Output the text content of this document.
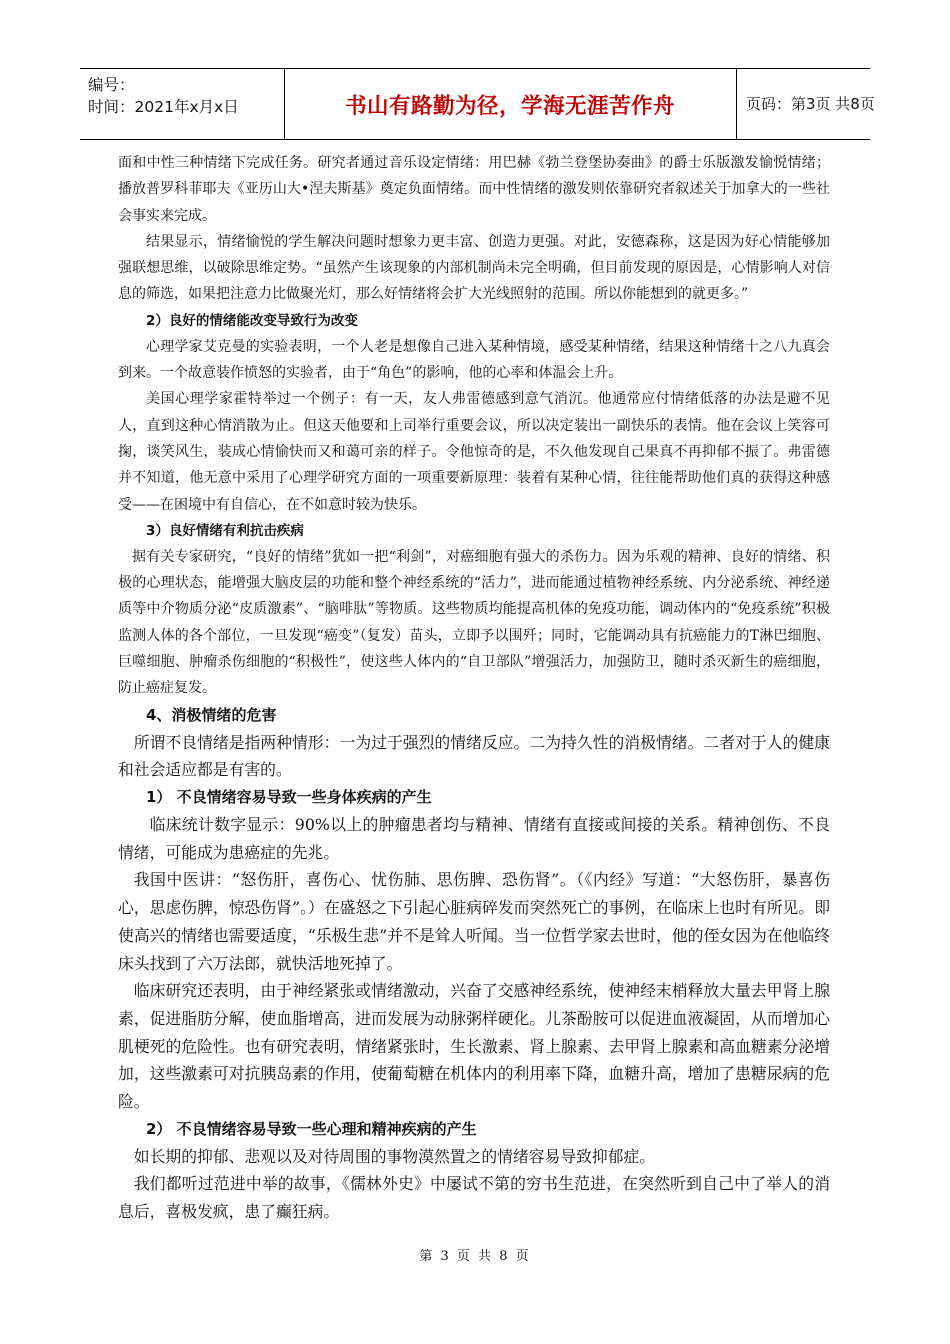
编号：
时间：2021年x月x日	书山有路勤为径，学海无涯苦作舟	页码：第3页 共8页

面和中性三种情绪下完成任务。研究者通过音乐设定情绪：用巴赫《勃兰登堡协奏曲》的爵士乐版激发愉悦情绪；播放普罗科菲耶夫《亚历山大•涅夫斯基》奠定负面情绪。而中性情绪的激发则依靠研究者叙述关于加拿大的一些社会事实来完成。

结果显示，情绪愉悦的学生解决问题时想象力更丰富、创造力更强。对此，安德森称，这是因为好心情能够加强联想思维，以破除思维定势。“虽然产生该现象的内部机制尚未完全明确，但目前发现的原因是，心情影响人对信息的筛选，如果把注意力比做聚光灯，那么好情绪将会扩大光线照射的范围。所以你能想到的就更多。”

2）良好的情绪能改变导致行为改变

心理学家艾克曼的实验表明，一个人老是想像自己进入某种情境，感受某种情绪，结果这种情绪十之八九真会到来。一个故意装作愤怒的实验者，由于“角色”的影响，他的心率和体温会上升。

美国心理学家霍特举过一个例子：有一天，友人弗雷德感到意气消沉。他通常应付情绪低落的办法是避不见人，直到这种心情消散为止。但这天他要和上司举行重要会议，所以决定装出一副快乐的表情。他在会议上笑容可掬，谈笑风生，装成心情愉快而又和蔼可亲的样子。令他惊奇的是，不久他发现自己果真不再抑郁不振了。弗雷德并不知道，他无意中采用了心理学研究方面的一项重要新原理：装着有某种心情，往往能帮助他们真的获得这种感受——在困境中有自信心，在不如意时较为快乐。

3）良好情绪有利抗击疾病

据有关专家研究，“良好的情绪”犹如一把“利剑”，对癌细胞有强大的杀伤力。因为乐观的精神、良好的情绪、积极的心理状态，能增强大脑皮层的功能和整个神经系统的“活力”，进而能通过植物神经系统、内分泌系统、神经递质等中介物质分泌“皮质激素”、“脑啡肽”等物质。这些物质均能提高机体的免疫功能，调动体内的“免疫系统”积极监测人体的各个部位，一旦发现“癌变”（复发）苗头，立即予以围歼；同时，它能调动具有抗癌能力的T淋巴细胞、巨噬细胞、肿瘤杀伤细胞的“积极性”，使这些人体内的“自卫部队”增强活力，加强防卫，随时杀灭新生的癌细胞，防止癌症复发。

4、消极情绪的危害

所谓不良情绪是指两种情形：一为过于强烈的情绪反应。二为持久性的消极情绪。二者对于人的健康和社会适应都是有害的。

1） 不良情绪容易导致一些身体疾病的产生

临床统计数字显示：90%以上的肿瘤患者均与精神、情绪有直接或间接的关系。精神创伤、不良情绪，可能成为患癌症的先兆。

我国中医讲：“怒伤肝，喜伤心、忧伤肺、思伤脾、恐伤肾”。（《内经》写道：“大怒伤肝，暴喜伤心，思虑伤脾，惊恐伤肾”。）在盛怒之下引起心脏病碎发而突然死亡的事例，在临床上也时有所见。即使高兴的情绪也需要适度，“乐极生悲”并不是耸人听闻。当一位哲学家去世时，他的侄女因为在他临终床头找到了六万法郎，就快活地死掉了。

临床研究还表明，由于神经紧张或情绪激动，兴奋了交感神经系统，使神经末梢释放大量去甲肾上腺素，促进脂肪分解，使血脂增高，进而发展为动脉粥样硬化。儿茶酚胺可以促进血液凝固，从而增加心肌梗死的危险性。也有研究表明，情绪紧张时，生长激素、肾上腺素、去甲肾上腺素和高血糖素分泌增加，这些激素可对抗胰岛素的作用，使葡萄糖在机体内的利用率下降，血糖升高，增加了患糖尿病的危险。

2） 不良情绪容易导致一些心理和精神疾病的产生

如长期的抑郁、悲观以及对待周围的事物漠然置之的情绪容易导致抑郁症。

我们都听过范进中举的故事，《儒林外史》中屡试不第的穷书生范进，在突然听到自己中了举人的消息后，喜极发疯，患了癫狂病。

第 3 页 共 8 页
